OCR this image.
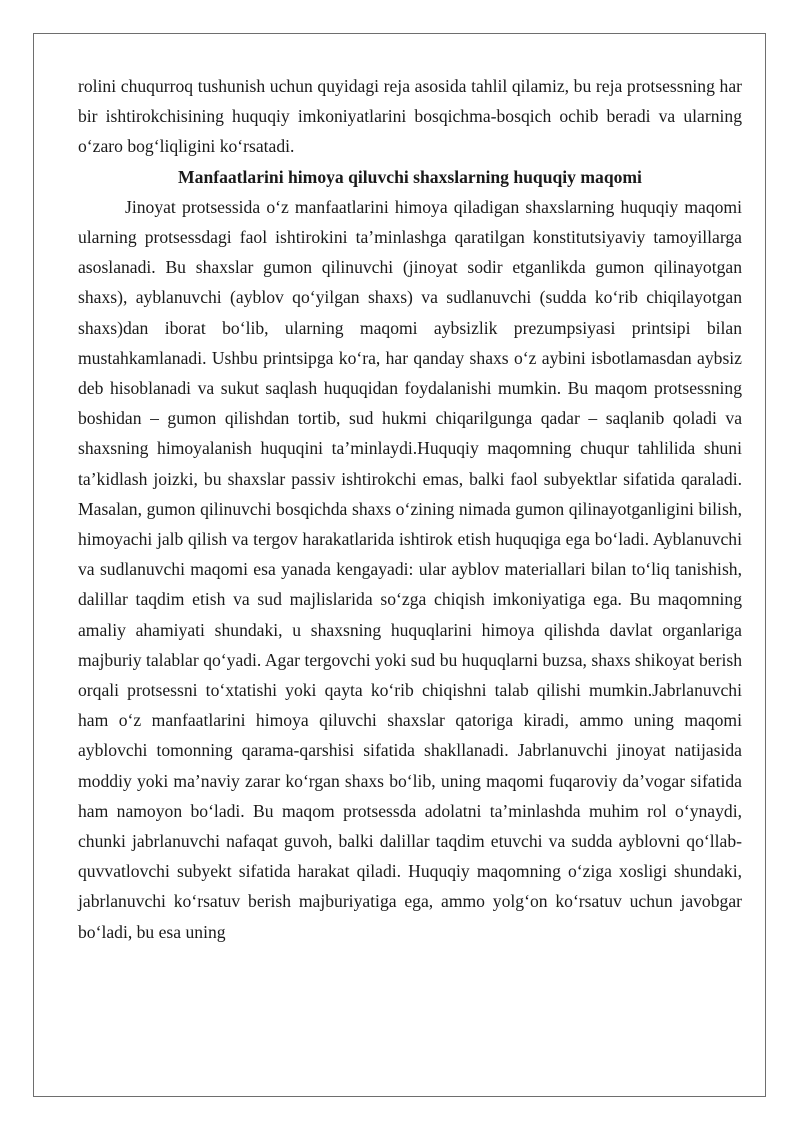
rolini chuqurroq tushunish uchun quyidagi reja asosida tahlil qilamiz, bu reja protsessning har bir ishtirokchisining huquqiy imkoniyatlarini bosqichma-bosqich ochib beradi va ularning o‘zaro bog‘liqligini ko‘rsatadi.

Manfaatlarini himoya qiluvchi shaxslarning huquqiy maqomi

Jinoyat protsessida o‘z manfaatlarini himoya qiladigan shaxslarning huquqiy maqomi ularning protsessdagi faol ishtirokini ta’minlashga qaratilgan konstitutsiyaviy tamoyillarga asoslanadi. Bu shaxslar gumon qilinuvchi (jinoyat sodir etganlikda gumon qilinayotgan shaxs), ayblanuvchi (ayblov qo‘yilgan shaxs) va sudlanuvchi (sudda ko‘rib chiqilayotgan shaxs)dan iborat bo‘lib, ularning maqomi aybsizlik prezumpsiyasi printsipi bilan mustahkamlanadi. Ushbu printsipga ko‘ra, har qanday shaxs o‘z aybini isbotlamasdan aybsiz deb hisoblanadi va sukut saqlash huquqidan foydalanishi mumkin. Bu maqom protsessning boshidan – gumon qilishdan tortib, sud hukmi chiqarilgunga qadar – saqlanib qoladi va shaxsning himoyalanish huquqini ta’minlaydi.Huquqiy maqomning chuqur tahlilida shuni ta’kidlash joizki, bu shaxslar passiv ishtirokchi emas, balki faol subyektlar sifatida qaraladi. Masalan, gumon qilinuvchi bosqichda shaxs o‘zining nimada gumon qilinayotganligini bilish, himoyachi jalb qilish va tergov harakatlarida ishtirok etish huquqiga ega bo‘ladi. Ayblanuvchi va sudlanuvchi maqomi esa yanada kengayadi: ular ayblov materiallari bilan to‘liq tanishish, dalillar taqdim etish va sud majlislarida so‘zga chiqish imkoniyatiga ega. Bu maqomning amaliy ahamiyati shundaki, u shaxsning huquqlarini himoya qilishda davlat organlariga majburiy talablar qo‘yadi. Agar tergovchi yoki sud bu huquqlarni buzsa, shaxs shikoyat berish orqali protsessni to‘xtatishi yoki qayta ko‘rib chiqishni talab qilishi mumkin.Jabrlanuvchi ham o‘z manfaatlarini himoya qiluvchi shaxslar qatoriga kiradi, ammo uning maqomi ayblovchi tomonning qarama-qarshisi sifatida shakllanadi. Jabrlanuvchi jinoyat natijasida moddiy yoki ma’naviy zarar ko‘rgan shaxs bo‘lib, uning maqomi fuqaroviy da’vogar sifatida ham namoyon bo‘ladi. Bu maqom protsessda adolatni ta’minlashda muhim rol o‘ynaydi, chunki jabrlanuvchi nafaqat guvoh, balki dalillar taqdim etuvchi va sudda ayblovni qo‘llab-quvvatlovchi subyekt sifatida harakat qiladi. Huquqiy maqomning o‘ziga xosligi shundaki, jabrlanuvchi ko‘rsatuv berish majburiyatiga ega, ammo yolg‘on ko‘rsatuv uchun javobgar bo‘ladi, bu esa uning
